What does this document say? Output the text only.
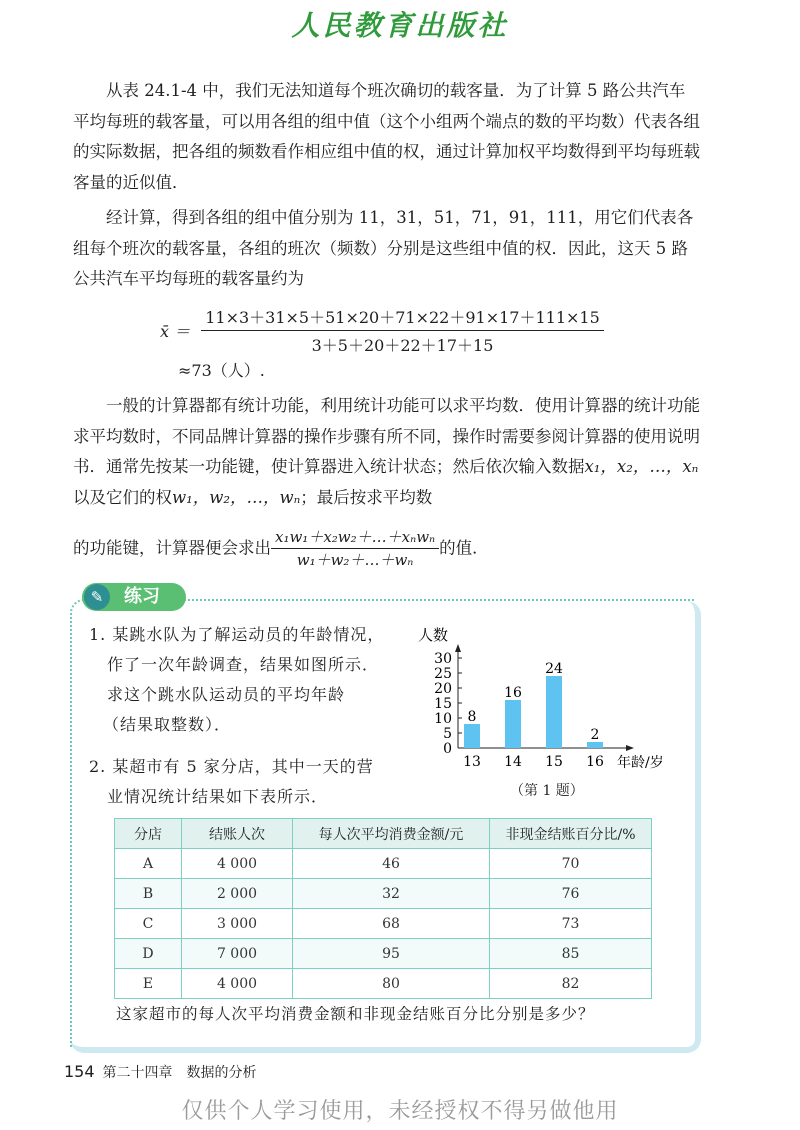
人民教育出版社

从表 24.1-4 中，我们无法知道每个班次确切的载客量．为了计算 5 路公共汽车平均每班的载客量，可以用各组的组中值（这个小组两个端点的数的平均数）代表各组的实际数据，把各组的频数看作相应组中值的权，通过计算加权平均数得到平均每班载客量的近似值．

经计算，得到各组的组中值分别为 11，31，51，71，91，111，用它们代表各组每个班次的载客量，各组的班次（频数）分别是这些组中值的权．因此，这天 5 路公共汽车平均每班的载客量约为

x̄ ＝ $\frac{11\times 3+31\times 5+51\times 20+71\times 22+91\times 17+111\times 15}{3+5+20+22+17+15}$
≈73（人）.

一般的计算器都有统计功能，利用统计功能可以求平均数．使用计算器的统计功能求平均数时，不同品牌计算器的操作步骤有所不同，操作时需要参阅计算器的使用说明书．通常先按某一功能键，使计算器进入统计状态；然后依次输入数据x₁，x₂，…，xₙ以及它们的权w₁，w₂，…，wₙ；最后按求平均数

的功能键，计算器便会求出 $\frac{\text{x₁w₁＋x₂w₂＋…＋xₙwₙ}}{\text{w₁＋w₂＋…＋wₙ}}$ 的值．
✎	练习
1. 某跳水队为了解运动员的年龄情况，
作了一次年龄调查，结果如图所示．
求这个跳水队运动员的平均年龄
（结果取整数）．
2. 某超市有 5 家分店，其中一天的营
业情况统计结果如下表所示．
人数
0
5
10
15
20
25
30
8
16
24
2
13 14 15 16 年龄/岁
（第 1 题）
分店	结账人次	每人次平均消费金额/元	非现金结账百分比/%
A	4 000	46	70
B	2 000	32	76
C	3 000	68	73
D	7 000	95	85
E	4 000	80	82
这家超市的每人次平均消费金额和非现金结账百分比分别是多少？
154 第二十四章　数据的分析
仅供个人学习使用，未经授权不得另做他用
